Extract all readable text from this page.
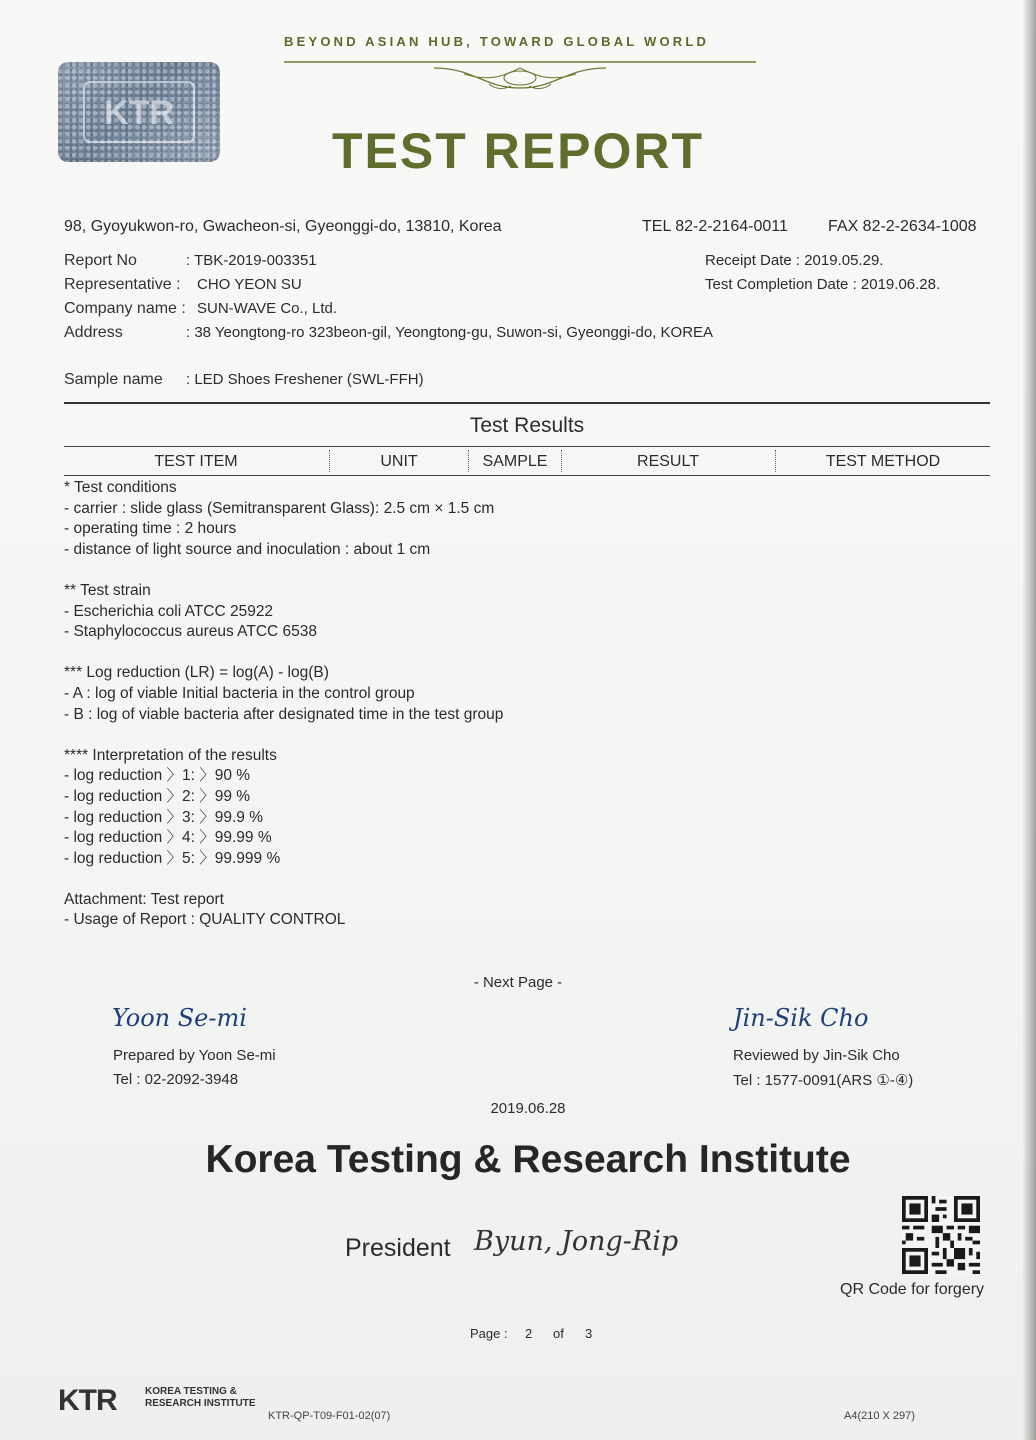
KTR
BEYOND ASIAN HUB, TOWARD GLOBAL WORLD
TEST REPORT
98, Gyoyukwon-ro, Gwacheon-si, Gyeonggi-do, 13810, Korea	TEL 82-2-2164-0011	FAX 82-2-2634-1008
Report No	: TBK-2019-003351
Representative : CHO YEON SU
Company name : SUN-WAVE Co., Ltd.
Address	: 38 Yeongtong-ro 323beon-gil, Yeongtong-gu, Suwon-si, Gyeonggi-do, KOREA
Receipt Date : 2019.05.29.
Test Completion Date : 2019.06.28.
Sample name : LED Shoes Freshener (SWL-FFH)
Test Results
TEST ITEM	UNIT	SAMPLE	RESULT	TEST METHOD
* Test conditions
- carrier : slide glass (Semitransparent Glass): 2.5 cm × 1.5 cm
- operating time : 2 hours
- distance of light source and inoculation : about 1 cm
** Test strain
- Escherichia coli ATCC 25922
- Staphylococcus aureus ATCC 6538
*** Log reduction (LR) = log(A) - log(B)
- A : log of viable Initial bacteria in the control group
- B : log of viable bacteria after designated time in the test group
**** Interpretation of the results
- log reduction 〉1: 〉90 %
- log reduction 〉2: 〉99 %
- log reduction 〉3: 〉99.9 %
- log reduction 〉4: 〉99.99 %
- log reduction 〉5: 〉99.999 %
Attachment: Test report
- Usage of Report : QUALITY CONTROL
- Next Page -
Yoon Se-mi
Prepared by Yoon Se-mi
Tel : 02-2092-3948
Jin-Sik Cho
Reviewed by Jin-Sik Cho
Tel : 1577-0091(ARS ①-④)
2019.06.28
Korea Testing & Research Institute
President Byun, Jong-Rip
QR Code for forgery
Page : 2 of 3
KTR	KOREA TESTING &
RESEARCH INSTITUTE
KTR-QP-T09-F01-02(07)	A4(210 X 297)
